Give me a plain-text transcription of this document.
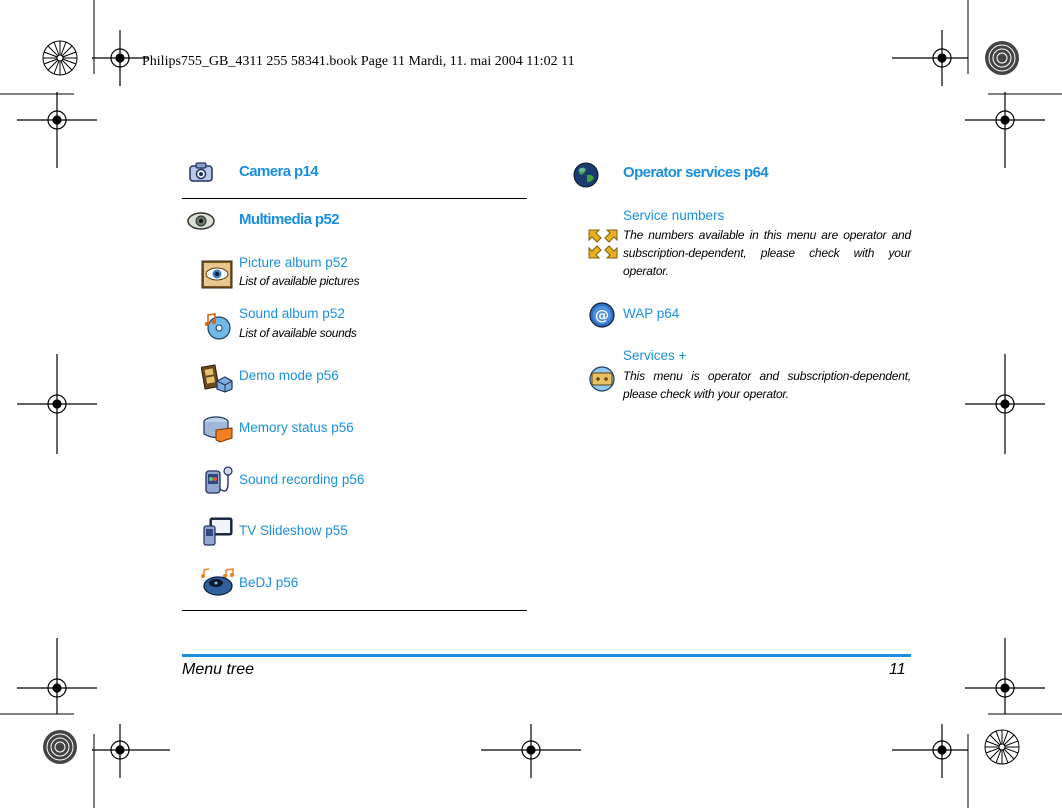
Philips755_GB_4311 255 58341.book Page 11 Mardi, 11. mai 2004 11:02 11
Camera p14
Multimedia p52
Picture album p52
List of available pictures
Sound album p52
List of available sounds
Demo mode p56
Memory status p56
Sound recording p56
TV Slideshow p55
BeDJ p56
Operator services p64
Service numbers
The numbers available in this menu are operator and subscription-dependent, please check with your operator.
@ WAP p64
Services +
This menu is operator and subscription-dependent, please check with your operator.
Menu tree	11
